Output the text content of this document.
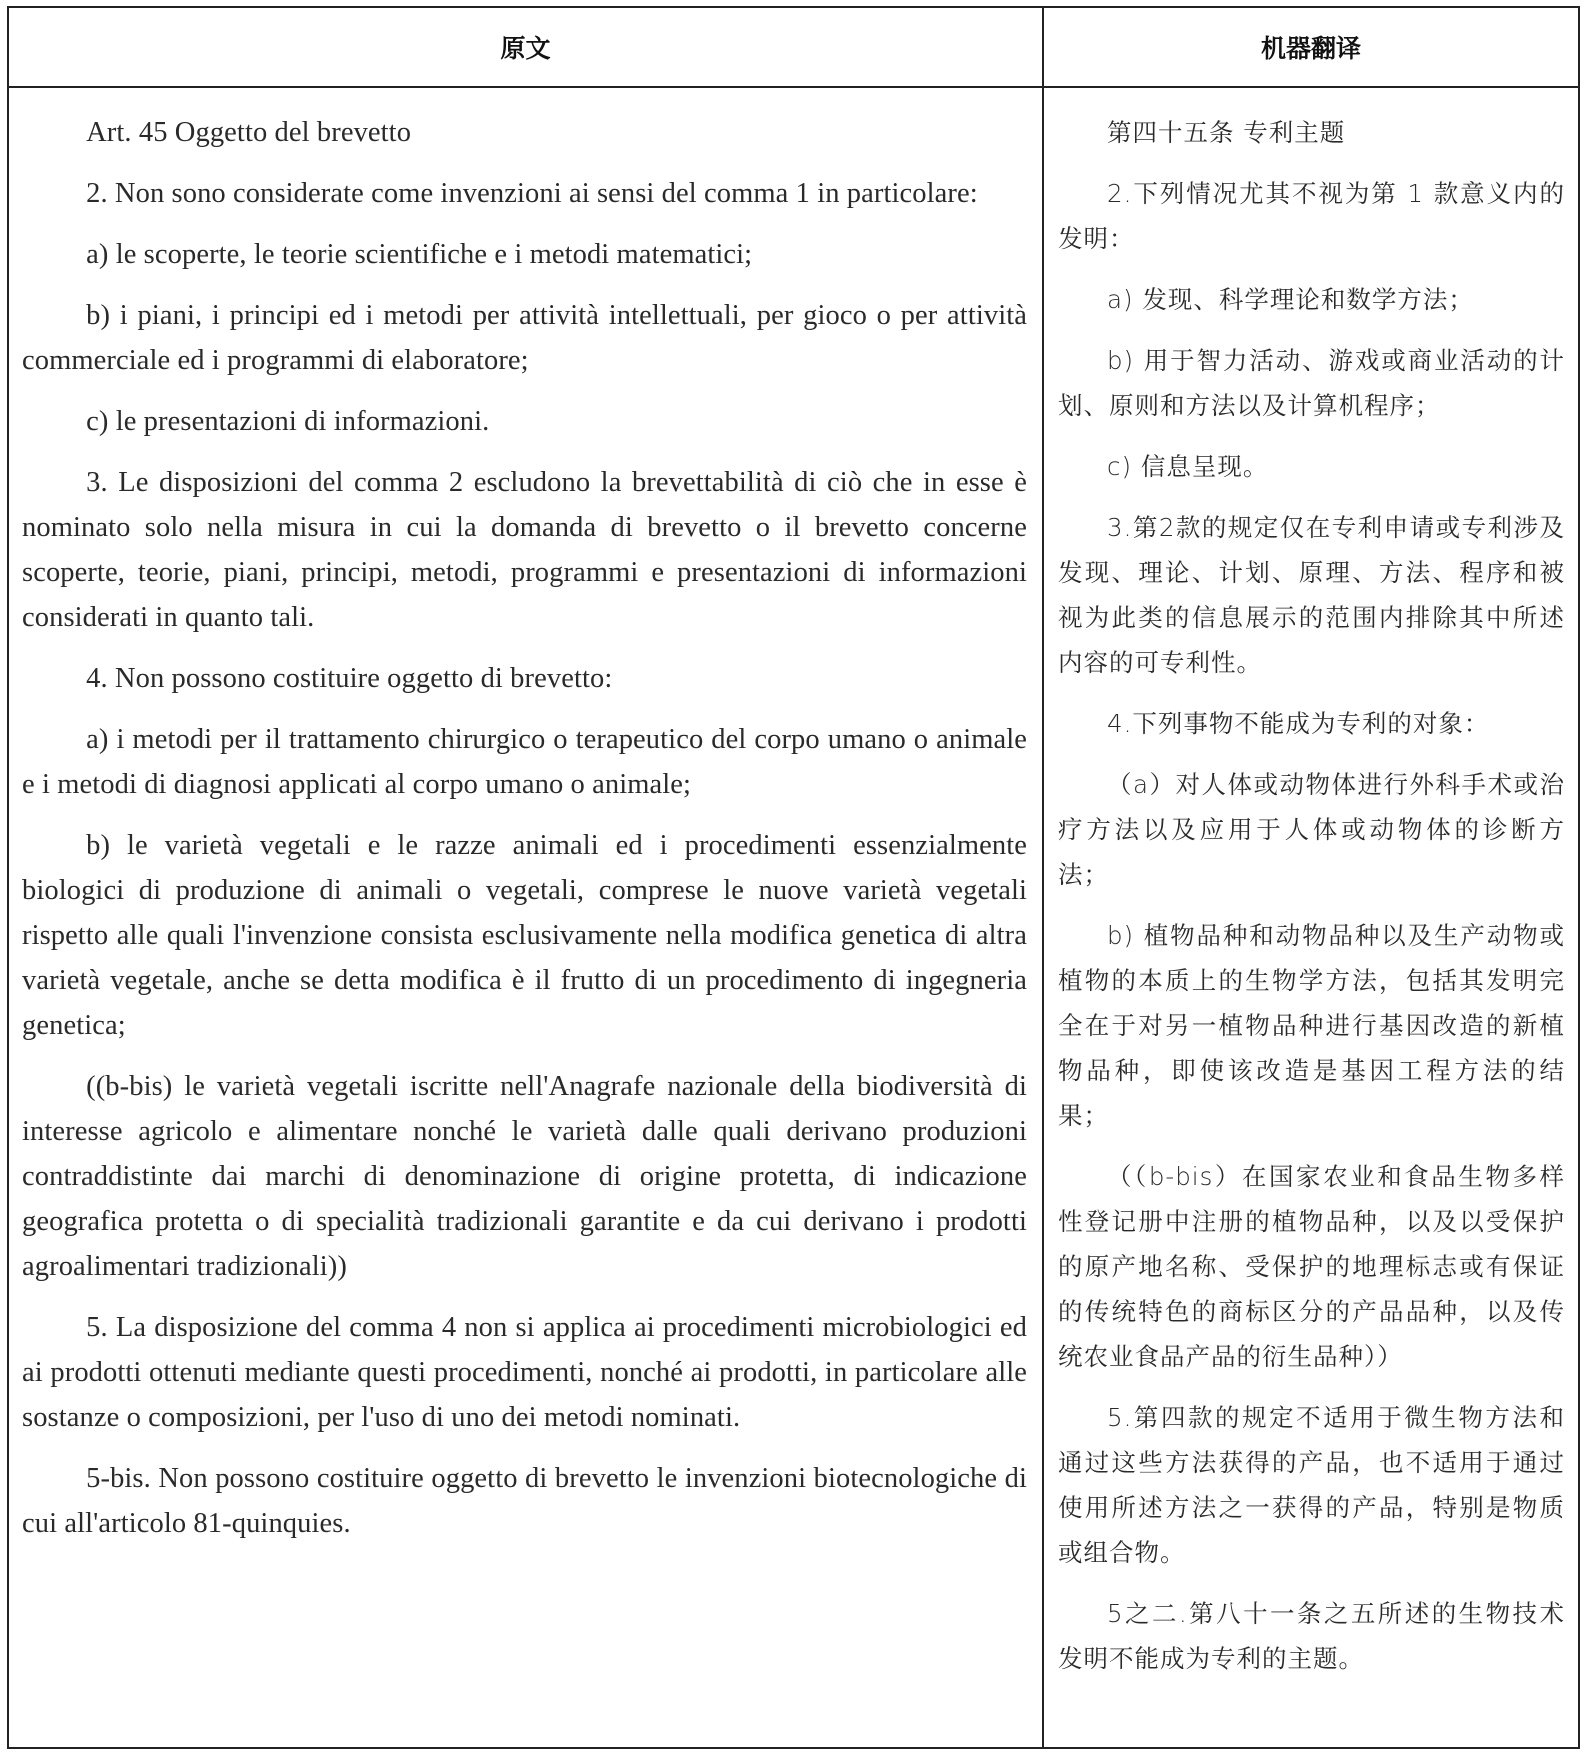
原文	机器翻译

Art. 45 Oggetto del brevetto

2. Non sono considerate come invenzioni ai sensi del comma 1 in particolare:

a) le scoperte, le teorie scientifiche e i metodi matematici;

b) i piani, i principi ed i metodi per attività intellettuali, per gioco o per attività commerciale ed i programmi di elaboratore;

c) le presentazioni di informazioni.

3. Le disposizioni del comma 2 escludono la brevettabilità di ciò che in esse è nominato solo nella misura in cui la domanda di brevetto o il brevetto concerne scoperte, teorie, piani, principi, metodi, programmi e presentazioni di informazioni considerati in quanto tali.

4. Non possono costituire oggetto di brevetto:

a) i metodi per il trattamento chirurgico o terapeutico del corpo umano o animale e i metodi di diagnosi applicati al corpo umano o animale;

b) le varietà vegetali e le razze animali ed i procedimenti essenzialmente biologici di produzione di animali o vegetali, comprese le nuove varietà vegetali rispetto alle quali l'invenzione consista esclusivamente nella modifica genetica di altra varietà vegetale, anche se detta modifica è il frutto di un procedimento di ingegneria genetica;

((b-bis) le varietà vegetali iscritte nell'Anagrafe nazionale della biodiversità di interesse agricolo e alimentare nonché le varietà dalle quali derivano produzioni contraddistinte dai marchi di denominazione di origine protetta, di indicazione geografica protetta o di specialità tradizionali garantite e da cui derivano i prodotti agroalimentari tradizionali))

5. La disposizione del comma 4 non si applica ai procedimenti microbiologici ed ai prodotti ottenuti mediante questi procedimenti, nonché ai prodotti, in particolare alle sostanze o composizioni, per l'uso di uno dei metodi nominati.

5-bis. Non possono costituire oggetto di brevetto le invenzioni biotecnologiche di cui all'articolo 81-quinquies.

第四十五条 专利主题

2.下列情况尤其不视为第 1 款意义内的发明：

a) 发现、科学理论和数学方法；

b) 用于智力活动、游戏或商业活动的计划、原则和方法以及计算机程序；

c) 信息呈现。

3.第2款的规定仅在专利申请或专利涉及发现、理论、计划、原理、方法、程序和被视为此类的信息展示的范围内排除其中所述内容的可专利性。

4.下列事物不能成为专利的对象：

（a）对人体或动物体进行外科手术或治疗方法以及应用于人体或动物体的诊断方法；

b) 植物品种和动物品种以及生产动物或植物的本质上的生物学方法，包括其发明完全在于对另一植物品种进行基因改造的新植物品种，即使该改造是基因工程方法的结果；

（（b-bis）在国家农业和食品生物多样性登记册中注册的植物品种，以及以受保护的原产地名称、受保护的地理标志或有保证的传统特色的商标区分的产品品种，以及传统农业食品产品的衍生品种））

5.第四款的规定不适用于微生物方法和通过这些方法获得的产品，也不适用于通过使用所述方法之一获得的产品，特别是物质或组合物。

5之二.第八十一条之五所述的生物技术发明不能成为专利的主题。
